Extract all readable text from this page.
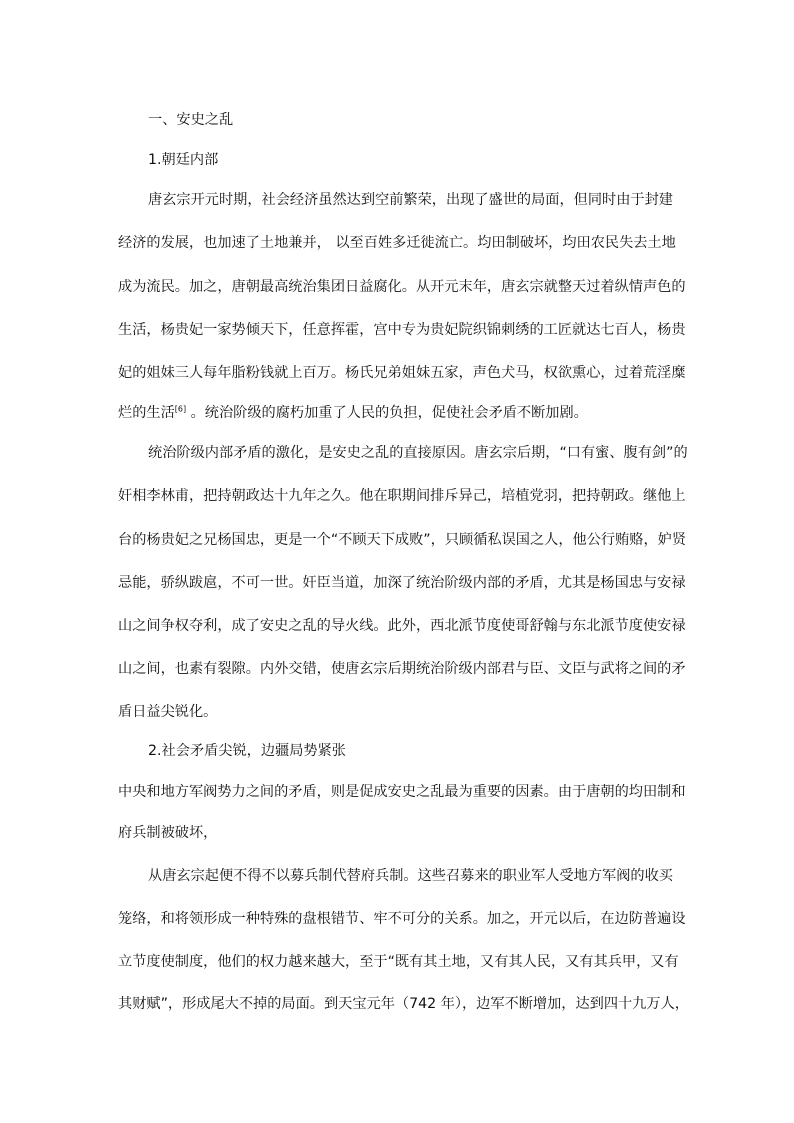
一、安史之乱
1.朝廷内部
唐玄宗开元时期，社会经济虽然达到空前繁荣，出现了盛世的局面，但同时由于封建
经济的发展，也加速了土地兼并， 以至百姓多迁徙流亡。均田制破坏，均田农民失去土地
成为流民。加之，唐朝最高统治集团日益腐化。从开元末年，唐玄宗就整天过着纵情声色的
生活，杨贵妃一家势倾天下，任意挥霍，宫中专为贵妃院织锦刺绣的工匠就达七百人，杨贵
妃的姐妹三人每年脂粉钱就上百万。杨氏兄弟姐妹五家，声色犬马，权欲熏心，过着荒淫糜
烂的生活[6] 。统治阶级的腐朽加重了人民的负担，促使社会矛盾不断加剧。
统治阶级内部矛盾的激化，是安史之乱的直接原因。唐玄宗后期，“口有蜜、腹有剑”的
奸相李林甫，把持朝政达十九年之久。他在职期间排斥异己，培植党羽，把持朝政。继他上
台的杨贵妃之兄杨国忠，更是一个“不顾天下成败”，只顾循私误国之人，他公行贿赂，妒贤
忌能，骄纵跋扈，不可一世。奸臣当道，加深了统治阶级内部的矛盾，尤其是杨国忠与安禄
山之间争权夺利，成了安史之乱的导火线。此外，西北派节度使哥舒翰与东北派节度使安禄
山之间，也素有裂隙。内外交错，使唐玄宗后期统治阶级内部君与臣、文臣与武将之间的矛
盾日益尖锐化。
2.社会矛盾尖锐，边疆局势紧张
中央和地方军阀势力之间的矛盾，则是促成安史之乱最为重要的因素。由于唐朝的均田制和
府兵制被破坏，
从唐玄宗起便不得不以募兵制代替府兵制。这些召募来的职业军人受地方军阀的收买
笼络，和将领形成一种特殊的盘根错节、牢不可分的关系。加之，开元以后，在边防普遍设
立节度使制度，他们的权力越来越大，至于“既有其土地，又有其人民，又有其兵甲，又有
其财赋”，形成尾大不掉的局面。到天宝元年（742 年），边军不断增加，达到四十九万人，
